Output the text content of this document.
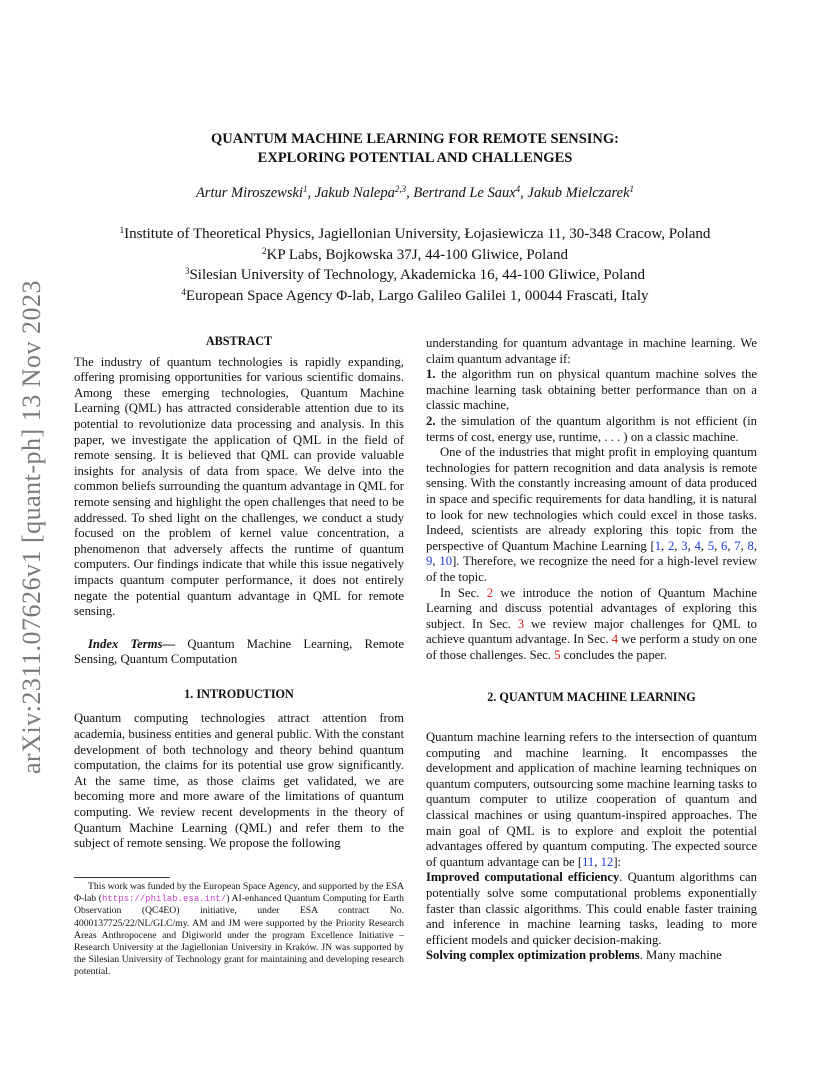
arXiv:2311.07626v1 [quant-ph] 13 Nov 2023
QUANTUM MACHINE LEARNING FOR REMOTE SENSING:
EXPLORING POTENTIAL AND CHALLENGES
Artur Miroszewski$^1$, Jakub Nalepa$^{2,3}$, Bertrand Le Saux$^4$, Jakub Mielczarek$^1$
$^1$Institute of Theoretical Physics, Jagiellonian University, Łojasiewicza 11, 30-348 Cracow, Poland
$^2$KP Labs, Bojkowska 37J, 44-100 Gliwice, Poland
$^3$Silesian University of Technology, Akademicka 16, 44-100 Gliwice, Poland
$^4$European Space Agency Φ-lab, Largo Galileo Galilei 1, 00044 Frascati, Italy

ABSTRACT

The industry of quantum technologies is rapidly expanding, offering promising opportunities for various scientific domains. Among these emerging technologies, Quantum Machine Learning (QML) has attracted considerable attention due to its potential to revolutionize data processing and analysis. In this paper, we investigate the application of QML in the field of remote sensing. It is believed that QML can provide valuable insights for analysis of data from space. We delve into the common beliefs surrounding the quantum advantage in QML for remote sensing and highlight the open challenges that need to be addressed. To shed light on the challenges, we conduct a study focused on the problem of kernel value concentration, a phenomenon that adversely affects the runtime of quantum computers. Our findings indicate that while this issue negatively impacts quantum computer performance, it does not entirely negate the potential quantum advantage in QML for remote sensing.

Index Terms— Quantum Machine Learning, Remote Sensing, Quantum Computation

1. INTRODUCTION

Quantum computing technologies attract attention from academia, business entities and general public. With the constant development of both technology and theory behind quantum computation, the claims for its potential use grow significantly. At the same time, as those claims get validated, we are becoming more and more aware of the limitations of quantum computing. We review recent developments in the theory of Quantum Machine Learning (QML) and refer them to the subject of remote sensing. We propose the following

This work was funded by the European Space Agency, and supported by the ESA Φ-lab (https://philab.esa.int/) AI-enhanced Quantum Computing for Earth Observation (QC4EO) initiative, under ESA contract No. 4000137725/22/NL/GLC/my. AM and JM were supported by the Priority Research Areas Anthropocene and Digiworld under the program Excellence Initiative – Research University at the Jagiellonian University in Kraków. JN was supported by the Silesian University of Technology grant for maintaining and developing research potential.

understanding for quantum advantage in machine learning. We claim quantum advantage if:

1. the algorithm run on physical quantum machine solves the machine learning task obtaining better performance than on a classic machine,

2. the simulation of the quantum algorithm is not efficient (in terms of cost, energy use, runtime, . . . ) on a classic machine.

One of the industries that might profit in employing quantum technologies for pattern recognition and data analysis is remote sensing. With the constantly increasing amount of data produced in space and specific requirements for data handling, it is natural to look for new technologies which could excel in those tasks. Indeed, scientists are already exploring this topic from the perspective of Quantum Machine Learning [1, 2, 3, 4, 5, 6, 7, 8, 9, 10]. Therefore, we recognize the need for a high-level review of the topic.

In Sec. 2 we introduce the notion of Quantum Machine Learning and discuss potential advantages of exploring this subject. In Sec. 3 we review major challenges for QML to achieve quantum advantage. In Sec. 4 we perform a study on one of those challenges. Sec. 5 concludes the paper.

2. QUANTUM MACHINE LEARNING

Quantum machine learning refers to the intersection of quantum computing and machine learning. It encompasses the development and application of machine learning techniques on quantum computers, outsourcing some machine learning tasks to quantum computer to utilize cooperation of quantum and classical machines or using quantum-inspired approaches. The main goal of QML is to explore and exploit the potential advantages offered by quantum computing. The expected source of quantum advantage can be [11, 12]:

Improved computational efficiency. Quantum algorithms can potentially solve some computational problems exponentially faster than classic algorithms. This could enable faster training and inference in machine learning tasks, leading to more efficient models and quicker decision-making.

Solving complex optimization problems. Many machine
